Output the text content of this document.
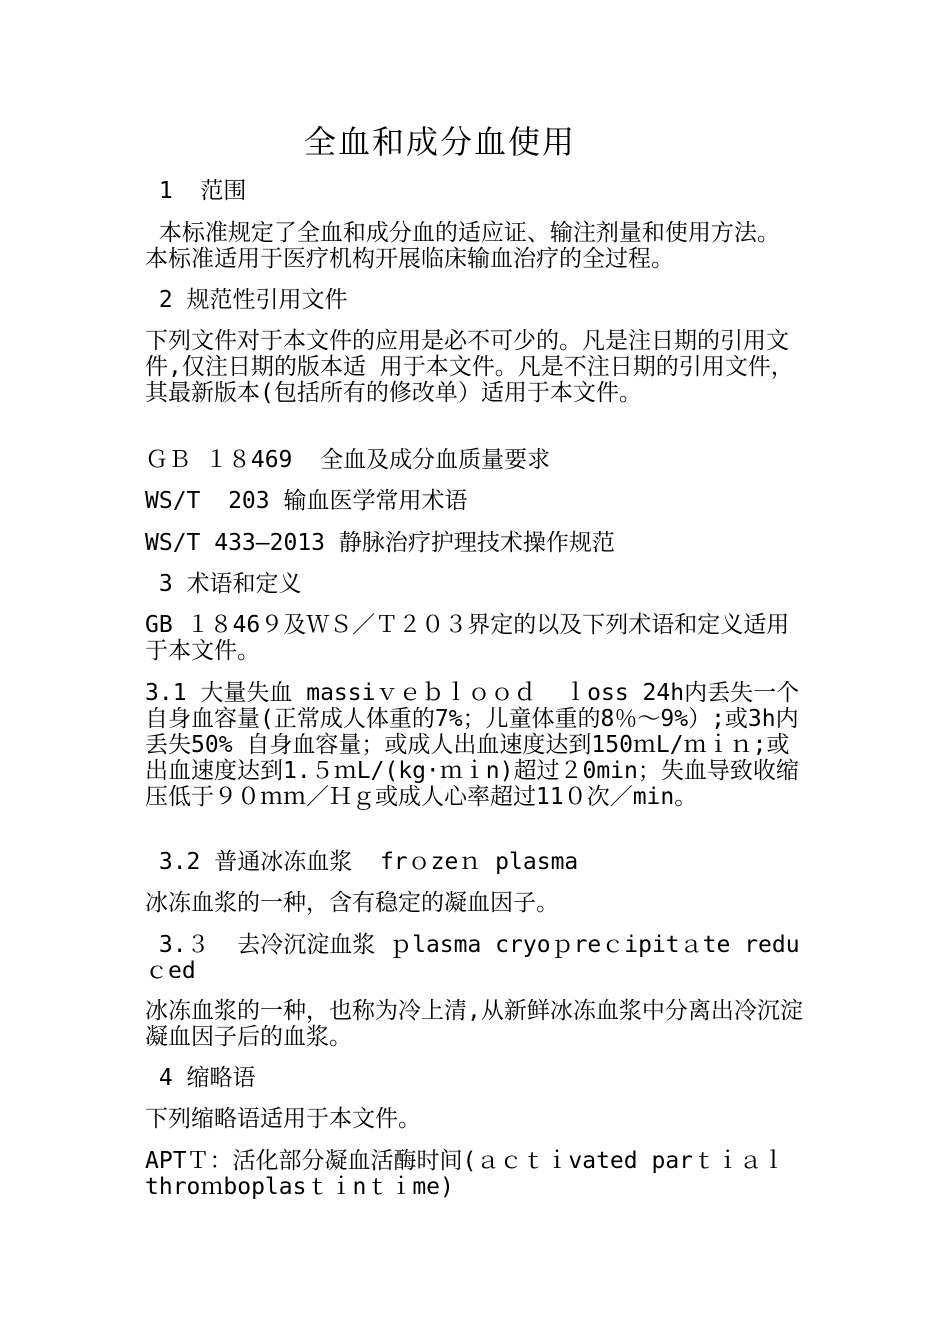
全血和成分血使用
1  范围
本标准规定了全血和成分血的适应证、输注剂量和使用方法。 本标准适用于医疗机构开展临床输血治疗的全过程。
2 规范性引用文件
下列文件对于本文件的应用是必不可少的。凡是注日期的引用文件,仅注日期的版本适 用于本文件。凡是不注日期的引用文件，其最新版本(包括所有的修改单）适用于本文件。
ＧＢ １８469  全血及成分血质量要求
WS/T  203 输血医学常用术语
WS/T 433—2013 静脉治疗护理技术操作规范
3 术语和定义
GB １８46９及ＷＳ／Ｔ２０３界定的以及下列术语和定义适用于本文件。
3.1 大量失血 massiｖｅｂｌｏｏｄ  ｌoss 24h内丢失一个自身血容量(正常成人体重的7%；儿童体重的8％～9%）;或3h内丢失50% 自身血容量；或成人出血速度达到150ｍL/ｍｉｎ;或出血速度达到1.５ｍL/(kg·ｍｉn)超过２0min；失血导致收缩压低于９０ｍｍ／Ｈｇ或成人心率超过11０次／min。
3.2 普通冰冻血浆  frｏzeｎ plasma
冰冻血浆的一种，含有稳定的凝血因子。
3.３  去冷沉淀血浆 ｐlasma cryoｐreｃipitａte reduｃed
冰冻血浆的一种，也称为冷上清,从新鲜冰冻血浆中分离出冷沉淀凝血因子后的血浆。
4 缩略语
下列缩略语适用于本文件。
APTＴ：活化部分凝血活酶时间(ａｃｔｉvated parｔｉａｌ  throｍboplasｔｉnｔｉme)
